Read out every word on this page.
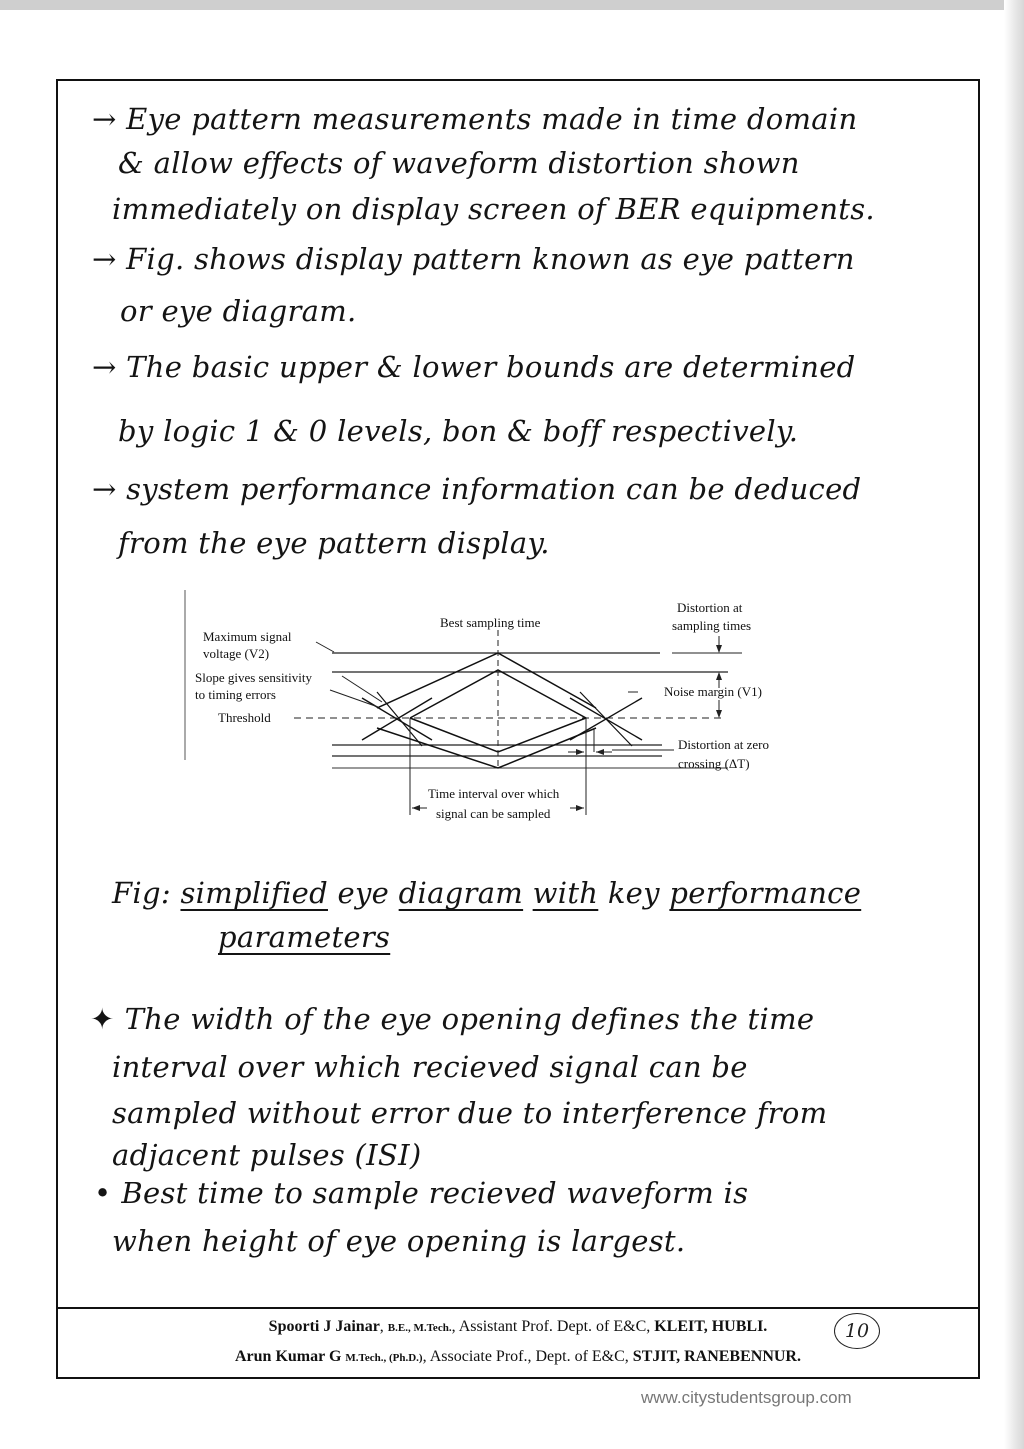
→ Eye pattern measurements made in time domain
& allow effects of waveform distortion shown
immediately on display screen of BER equipments.
→ Fig. shows display pattern known as eye pattern
or eye diagram.
→ The basic upper & lower bounds are determined
by logic 1 & 0 levels, bon & boff respectively.
→ system performance information can be deduced
from the eye pattern display.
Best sampling time
Distortion at
sampling times
Maximum signal
voltage (V2)
Slope gives sensitivity
to timing errors	Noise margin (V1)
Threshold
Distortion at zero
crossing (ΔT)
Time interval over which
signal can be sampled
Fig: simplified eye diagram with key performance
parameters
✦ The width of the eye opening defines the time
interval over which recieved signal can be
sampled without error due to interference from
adjacent pulses (ISI)
• Best time to sample recieved waveform is
when height of eye opening is largest.
Spoorti J Jainar, B.E., M.Tech., Assistant Prof. Dept. of E&C, KLEIT, HUBLI.
Arun Kumar G M.Tech., (Ph.D.), Associate Prof., Dept. of E&C, STJIT, RANEBENNUR.
10
www.citystudentsgroup.com
